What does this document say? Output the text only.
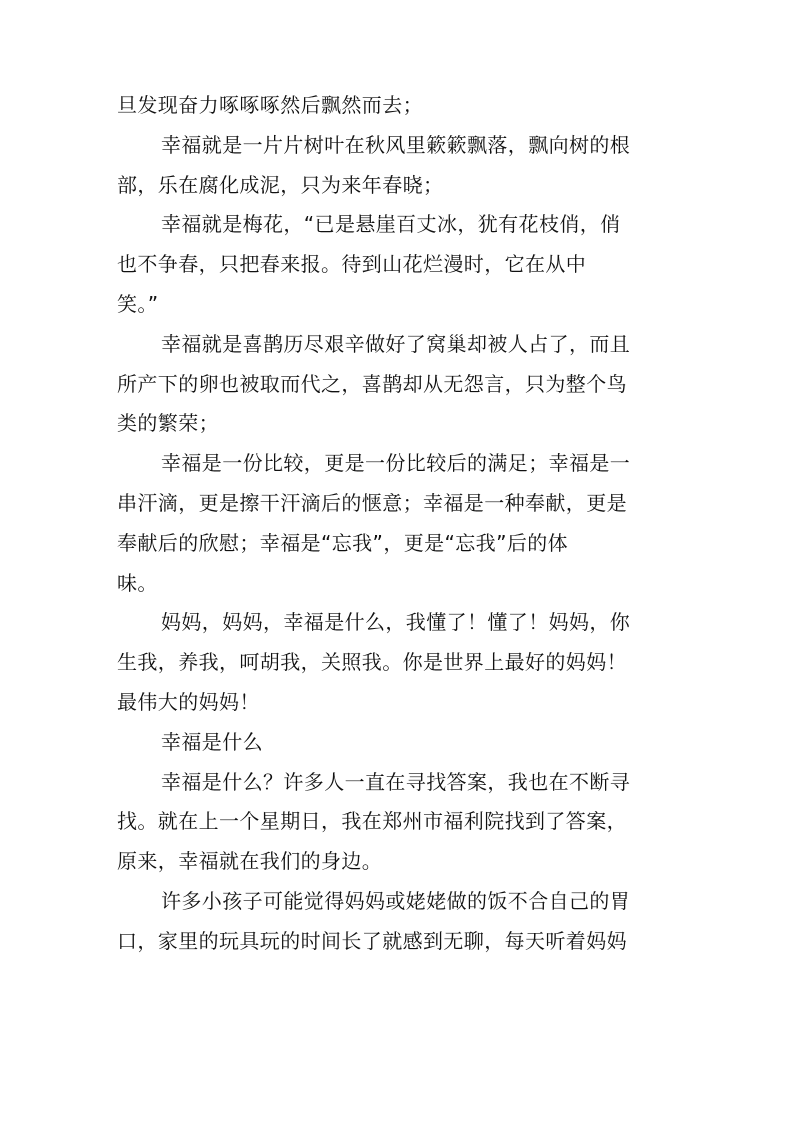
旦发现奋力啄啄啄然后飘然而去；
幸福就是一片片树叶在秋风里簌簌飘落，飘向树的根
部，乐在腐化成泥，只为来年春晓；
幸福就是梅花，“已是悬崖百丈冰，犹有花枝俏，俏
也不争春，只把春来报。待到山花烂漫时，它在从中
笑。”
幸福就是喜鹊历尽艰辛做好了窝巢却被人占了，而且
所产下的卵也被取而代之，喜鹊却从无怨言，只为整个鸟
类的繁荣；
幸福是一份比较，更是一份比较后的满足；幸福是一
串汗滴，更是擦干汗滴后的惬意；幸福是一种奉献，更是
奉献后的欣慰；幸福是“忘我”，更是“忘我”后的体
味。
妈妈，妈妈，幸福是什么，我懂了！懂了！妈妈，你
生我，养我，呵胡我，关照我。你是世界上最好的妈妈！
最伟大的妈妈！
幸福是什么
幸福是什么？许多人一直在寻找答案，我也在不断寻
找。就在上一个星期日，我在郑州市福利院找到了答案，
原来，幸福就在我们的身边。
许多小孩子可能觉得妈妈或姥姥做的饭不合自己的胃
口，家里的玩具玩的时间长了就感到无聊，每天听着妈妈
